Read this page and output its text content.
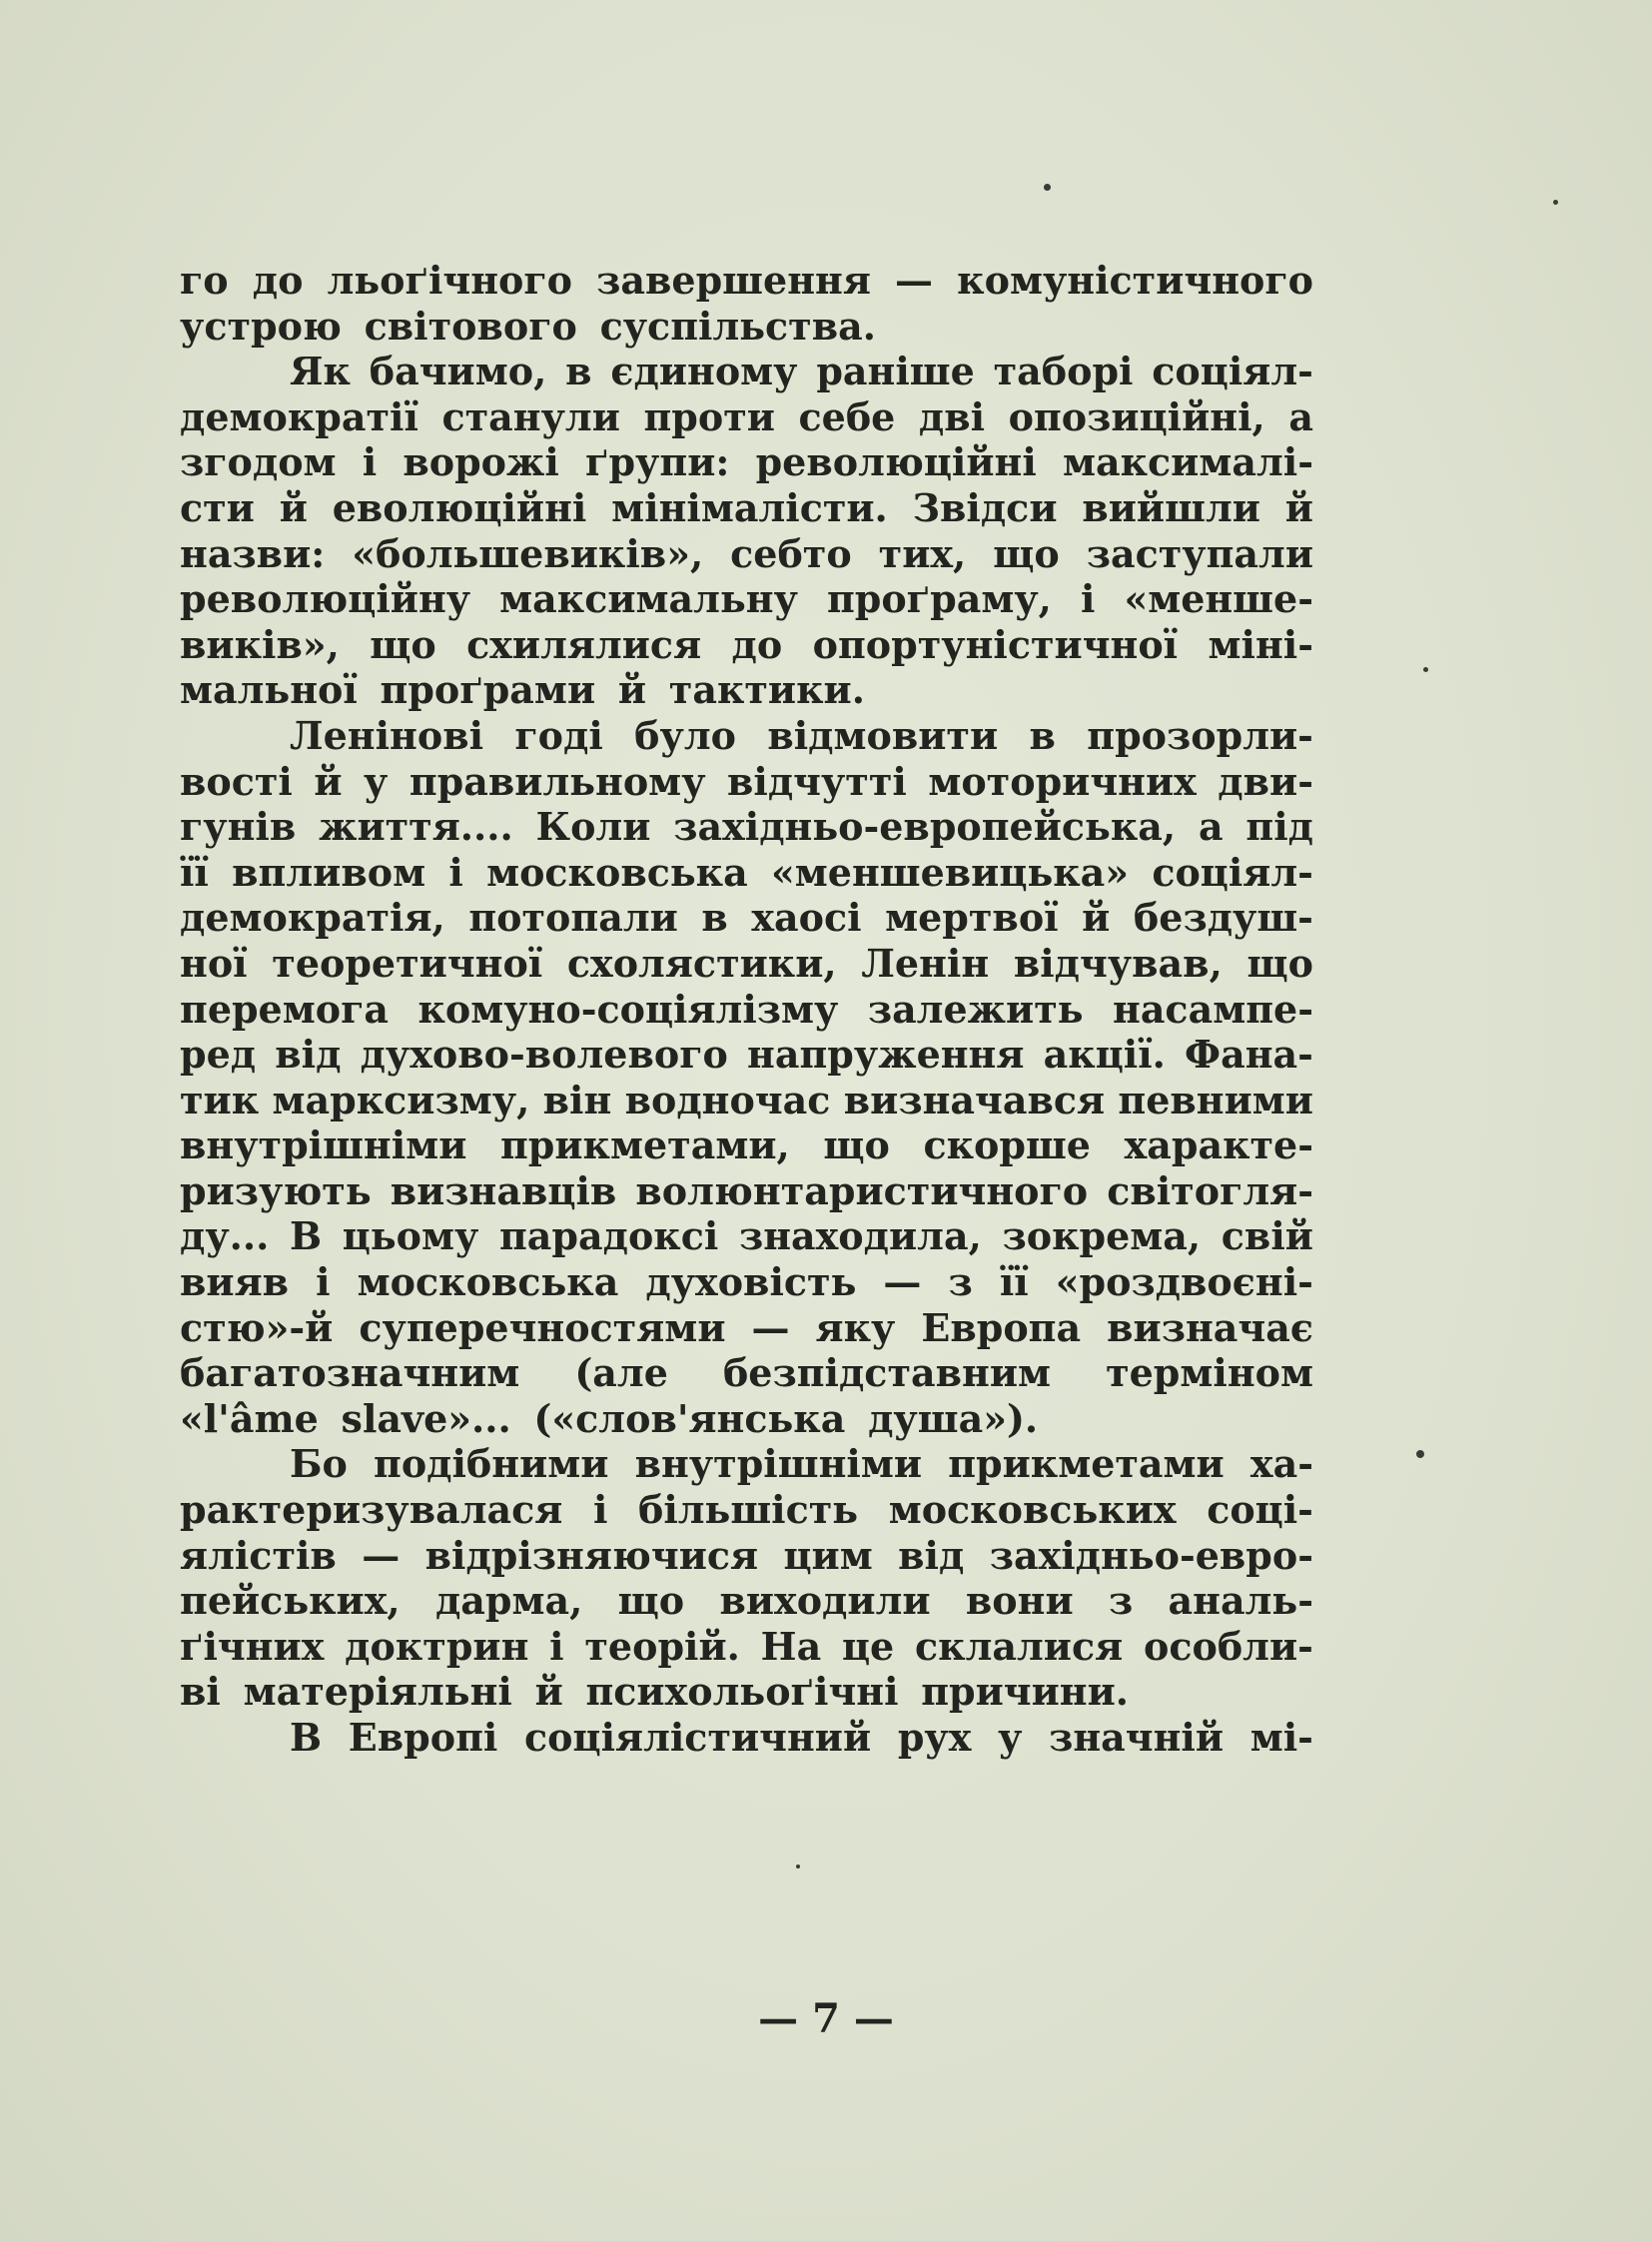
го до льоґічного завершення — комуністичного
устрою світового суспільства.
Як бачимо, в єдиному раніше таборі соціял-
демократії станули проти себе дві опозиційні, а
згодом і ворожі ґрупи: революційні максималі-
сти й еволюційні мінімалісти. Звідси вийшли й
назви: «большевиків», себто тих, що заступали
революційну максимальну проґраму, і «менше-
виків», що схилялися до опортуністичної міні-
мальної проґрами й тактики.
Ленінові годі було відмовити в прозорли-
вості й у правильному відчутті моторичних дви-
гунів життя.... Коли західньо-европейська, а під
її впливом і московська «меншевицька» соціял-
демократія, потопали в хаосі мертвої й бездуш-
ної теоретичної схолястики, Ленін відчував, що
перемога комуно-соціялізму залежить насампе-
ред від духово-волевого напруження акції. Фана-
тик марксизму, він водночас визначався певними
внутрішніми прикметами, що скорше характе-
ризують визнавців волюнтаристичного світогля-
ду... В цьому парадоксі знаходила, зокрема, свій
вияв і московська духовість — з її «роздвоєні-
стю»-й суперечностями — яку Европа визначає
багатозначним (але безпідставним терміном
«l'âme slave»... («слов'янська душа»).
Бо подібними внутрішніми прикметами ха-
рактеризувалася і більшість московських соці-
ялістів — відрізняючися цим від західньо-евро-
пейських, дарма, що виходили вони з аналь-
ґічних доктрин і теорій. На це склалися особли-
ві матеріяльні й психольоґічні причини.
В Европі соціялістичний рух у значній мі-
— 7 —
